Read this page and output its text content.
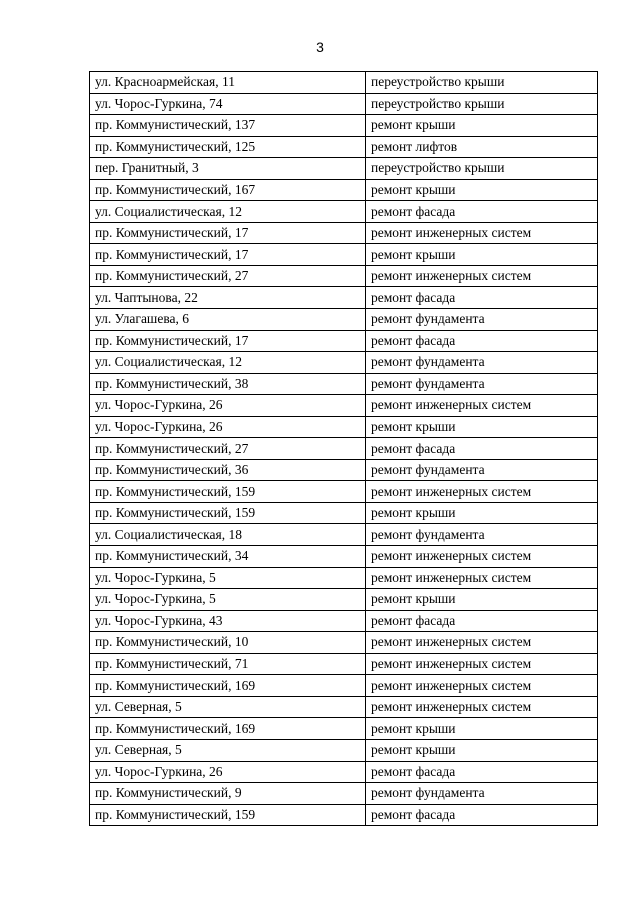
3
ул. Красноармейская, 11	переустройство крыши
ул. Чорос-Гуркина, 74	переустройство крыши
пр. Коммунистический, 137	ремонт крыши
пр. Коммунистический, 125	ремонт лифтов
пер. Гранитный, 3	переустройство крыши
пр. Коммунистический, 167	ремонт крыши
ул. Социалистическая, 12	ремонт фасада
пр. Коммунистический, 17	ремонт инженерных систем
пр. Коммунистический, 17	ремонт крыши
пр. Коммунистический, 27	ремонт инженерных систем
ул. Чаптынова, 22	ремонт фасада
ул. Улагашева, 6	ремонт фундамента
пр. Коммунистический, 17	ремонт фасада
ул. Социалистическая, 12	ремонт фундамента
пр. Коммунистический, 38	ремонт фундамента
ул. Чорос-Гуркина, 26	ремонт инженерных систем
ул. Чорос-Гуркина, 26	ремонт крыши
пр. Коммунистический, 27	ремонт фасада
пр. Коммунистический, 36	ремонт фундамента
пр. Коммунистический, 159	ремонт инженерных систем
пр. Коммунистический, 159	ремонт крыши
ул. Социалистическая, 18	ремонт фундамента
пр. Коммунистический, 34	ремонт инженерных систем
ул. Чорос-Гуркина, 5	ремонт инженерных систем
ул. Чорос-Гуркина, 5	ремонт крыши
ул. Чорос-Гуркина, 43	ремонт фасада
пр. Коммунистический, 10	ремонт инженерных систем
пр. Коммунистический, 71	ремонт инженерных систем
пр. Коммунистический, 169	ремонт инженерных систем
ул. Северная, 5	ремонт инженерных систем
пр. Коммунистический, 169	ремонт крыши
ул. Северная, 5	ремонт крыши
ул. Чорос-Гуркина, 26	ремонт фасада
пр. Коммунистический, 9	ремонт фундамента
пр. Коммунистический, 159	ремонт фасада
